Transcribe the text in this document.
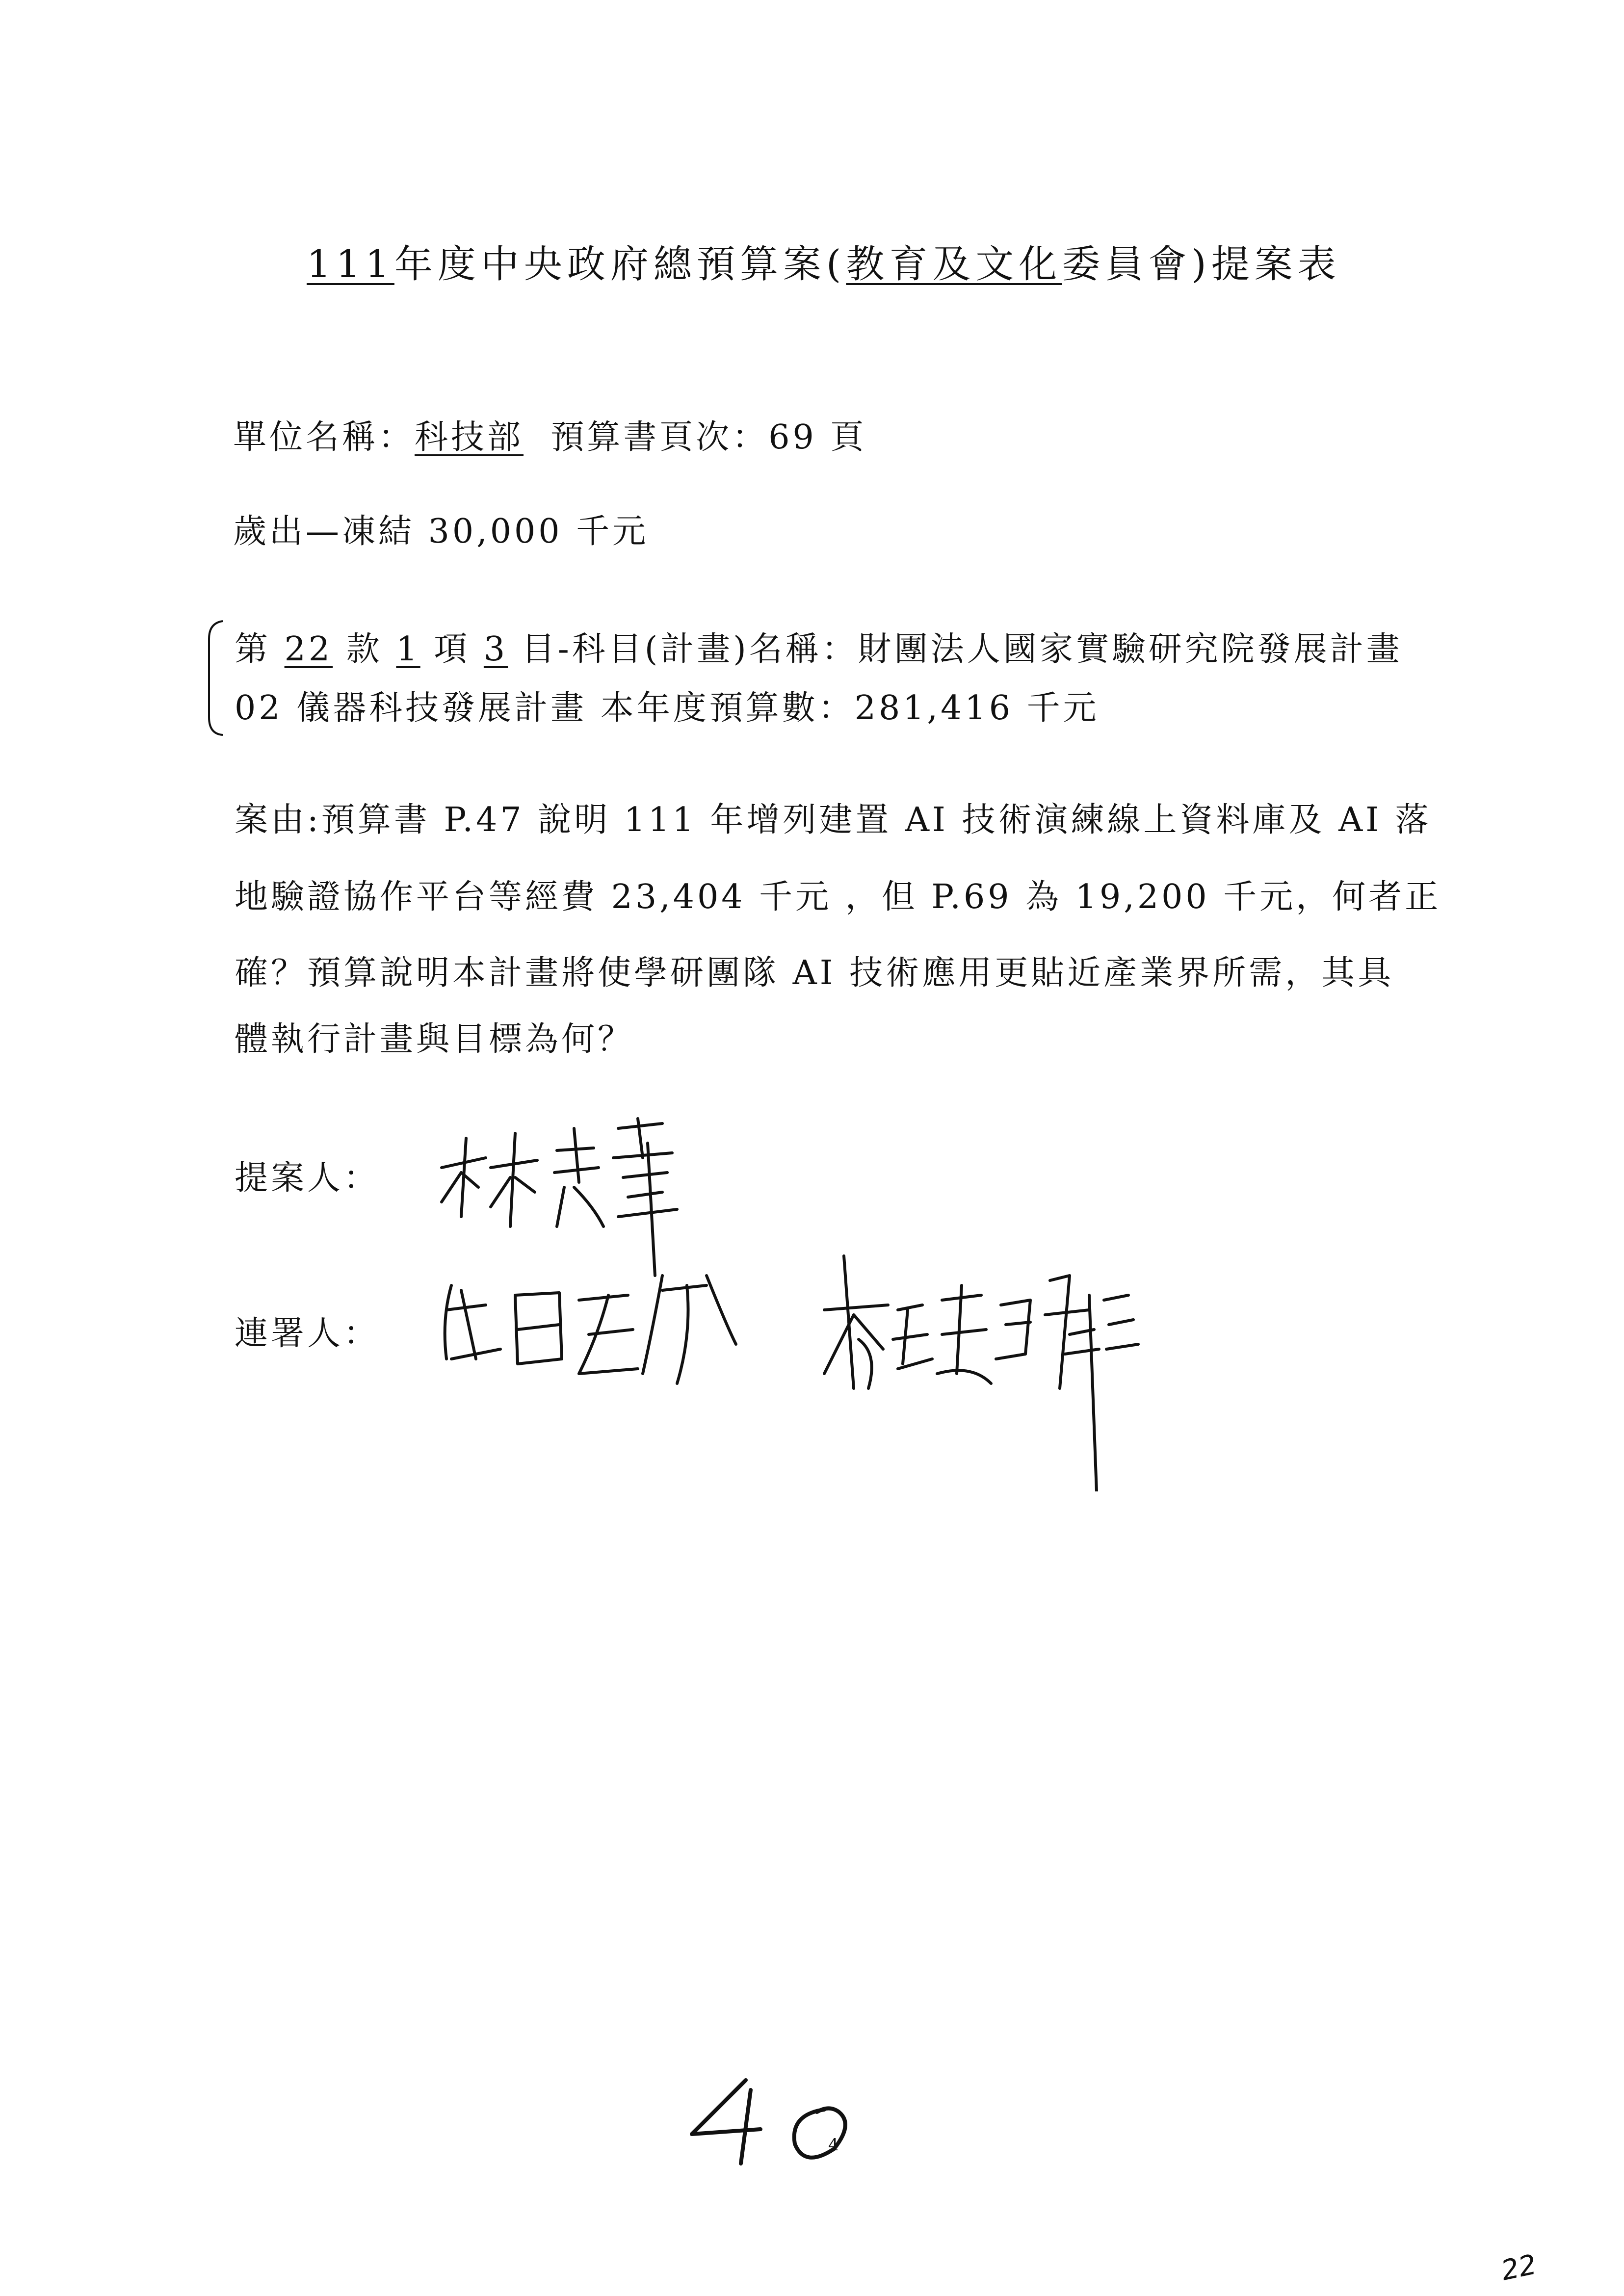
111年度中央政府總預算案(教育及文化委員會)提案表
單位名稱：科技部 預算書頁次：69 頁
歲出—凍結 30,000 千元
第 22 款 1 項 3 目-科目(計畫)名稱：財團法人國家實驗研究院發展計畫
02 儀器科技發展計畫 本年度預算數：281,416 千元
案由:預算書 P.47 說明 111 年增列建置 AI 技術演練線上資料庫及 AI 落
地驗證協作平台等經費 23,404 千元 ，但 P.69 為 19,200 千元，何者正
確？預算說明本計畫將使學研團隊 AI 技術應用更貼近產業界所需，其具
體執行計畫與目標為何？
提案人：
連署人：
4
22
